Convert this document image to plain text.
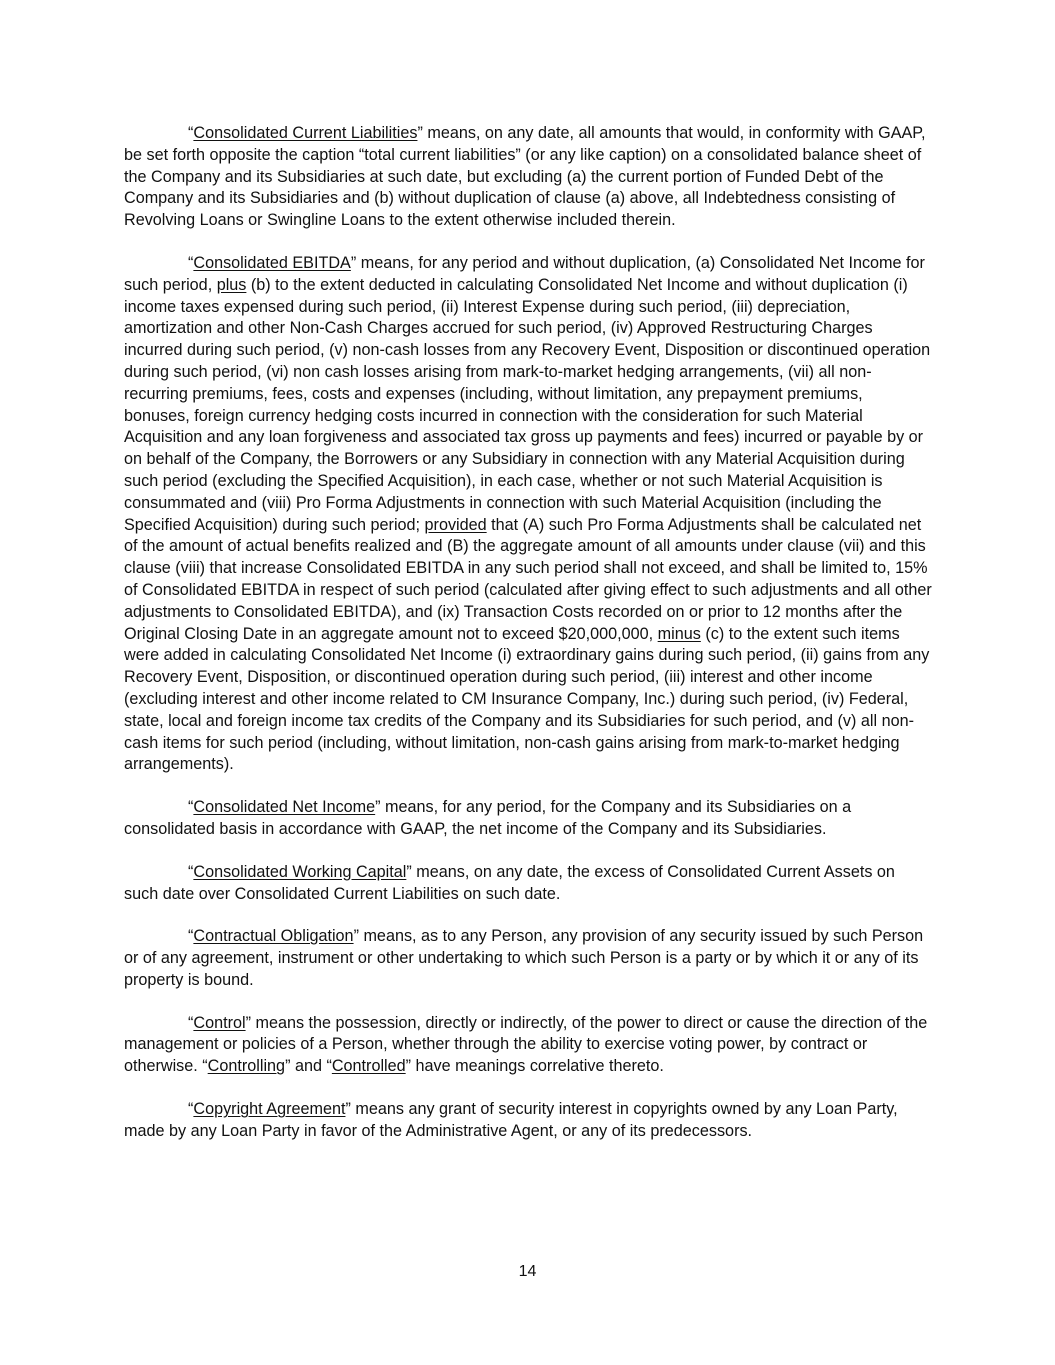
“Consolidated Current Liabilities” means, on any date, all amounts that would, in conformity with GAAP, be set forth opposite the caption “total current liabilities” (or any like caption) on a consolidated balance sheet of the Company and its Subsidiaries at such date, but excluding (a) the current portion of Funded Debt of the Company and its Subsidiaries and (b) without duplication of clause (a) above, all Indebtedness consisting of Revolving Loans or Swingline Loans to the extent otherwise included therein.

“Consolidated EBITDA” means, for any period and without duplication, (a) Consolidated Net Income for such period, plus (b) to the extent deducted in calculating Consolidated Net Income and without duplication (i) income taxes expensed during such period, (ii) Interest Expense during such period, (iii) depreciation, amortization and other Non-Cash Charges accrued for such period, (iv) Approved Restructuring Charges incurred during such period, (v) non-cash losses from any Recovery Event, Disposition or discontinued operation during such period, (vi) non cash losses arising from mark-to-market hedging arrangements, (vii) all non-recurring premiums, fees, costs and expenses (including, without limitation, any prepayment premiums, bonuses, foreign currency hedging costs incurred in connection with the consideration for such Material Acquisition and any loan forgiveness and associated tax gross up payments and fees) incurred or payable by or on behalf of the Company, the Borrowers or any Subsidiary in connection with any Material Acquisition during such period (excluding the Specified Acquisition), in each case, whether or not such Material Acquisition is consummated and (viii) Pro Forma Adjustments in connection with such Material Acquisition (including the Specified Acquisition) during such period; provided that (A) such Pro Forma Adjustments shall be calculated net of the amount of actual benefits realized and (B) the aggregate amount of all amounts under clause (vii) and this clause (viii) that increase Consolidated EBITDA in any such period shall not exceed, and shall be limited to, 15% of Consolidated EBITDA in respect of such period (calculated after giving effect to such adjustments and all other adjustments to Consolidated EBITDA), and (ix) Transaction Costs recorded on or prior to 12 months after the Original Closing Date in an aggregate amount not to exceed $20,000,000, minus (c) to the extent such items were added in calculating Consolidated Net Income (i) extraordinary gains during such period, (ii) gains from any Recovery Event, Disposition, or discontinued operation during such period, (iii) interest and other income (excluding interest and other income related to CM Insurance Company, Inc.) during such period, (iv) Federal, state, local and foreign income tax credits of the Company and its Subsidiaries for such period, and (v) all non-cash items for such period (including, without limitation, non-cash gains arising from mark-to-market hedging arrangements).

“Consolidated Net Income” means, for any period, for the Company and its Subsidiaries on a consolidated basis in accordance with GAAP, the net income of the Company and its Subsidiaries.

“Consolidated Working Capital” means, on any date, the excess of Consolidated Current Assets on such date over Consolidated Current Liabilities on such date.

“Contractual Obligation” means, as to any Person, any provision of any security issued by such Person or of any agreement, instrument or other undertaking to which such Person is a party or by which it or any of its property is bound.

“Control” means the possession, directly or indirectly, of the power to direct or cause the direction of the management or policies of a Person, whether through the ability to exercise voting power, by contract or otherwise. “Controlling” and “Controlled” have meanings correlative thereto.

“Copyright Agreement” means any grant of security interest in copyrights owned by any Loan Party, made by any Loan Party in favor of the Administrative Agent, or any of its predecessors.

14
